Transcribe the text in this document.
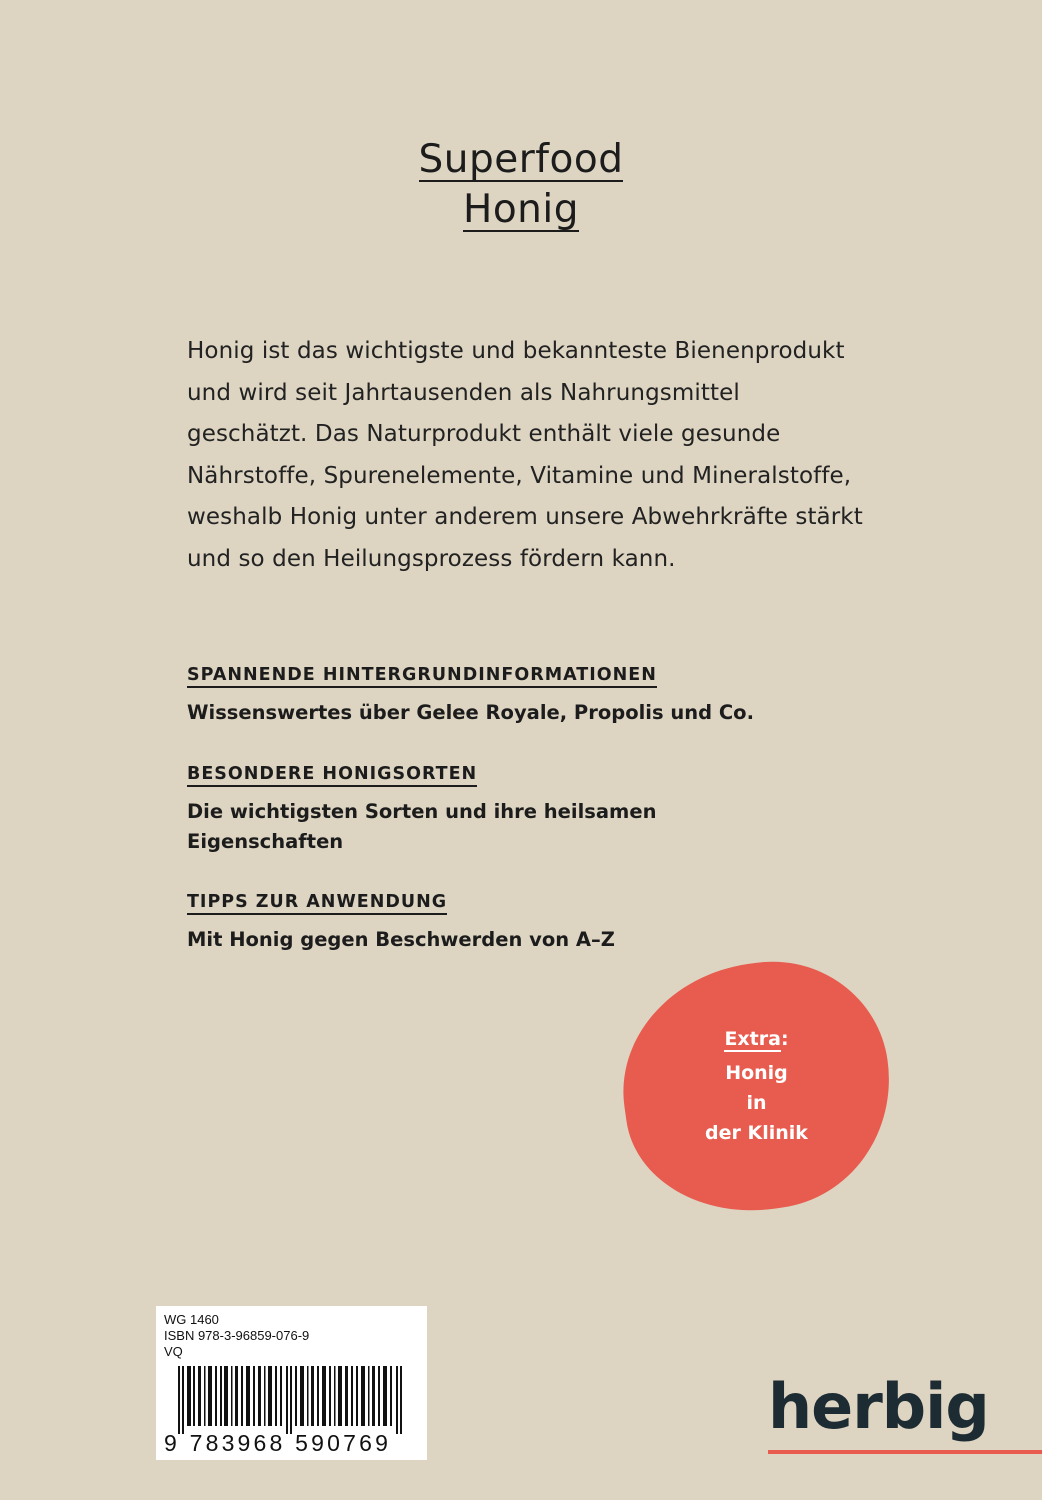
Superfood
Honig

Honig ist das wichtigste und bekannteste Bienenprodukt und wird seit Jahrtausenden als Nahrungsmittel geschätzt. Das Naturprodukt enthält viele gesunde Nährstoffe, Spurenelemente, Vitamine und Mineralstoffe, weshalb Honig unter anderem unsere Abwehrkräfte stärkt und so den Heilungsprozess fördern kann.

SPANNENDE HINTERGRUNDINFORMATIONEN
Wissenswertes über Gelee Royale, Propolis und Co.
BESONDERE HONIGSORTEN
Die wichtigsten Sorten und ihre heilsamen Eigenschaften
TIPPS ZUR ANWENDUNG
Mit Honig gegen Beschwerden von A–Z
Extra:
Honig
in
der Klinik
WG 1460
ISBN 978-3-96859-076-9
VQ
9 783968 590769	herbig
